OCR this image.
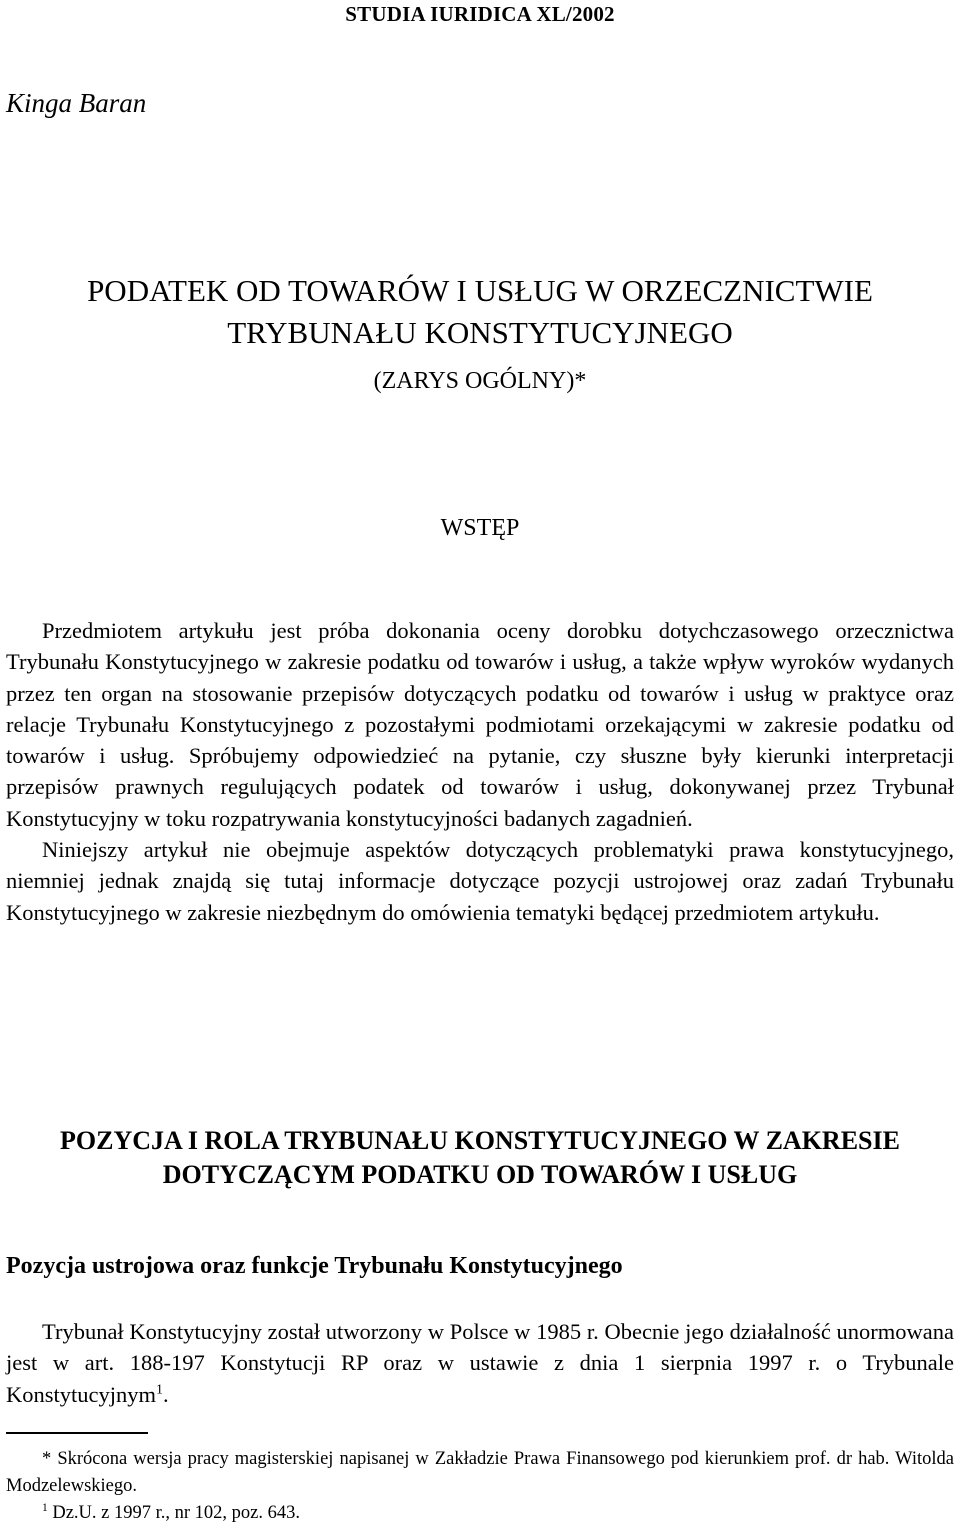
STUDIA IURIDICA XL/2002
Kinga Baran
PODATEK OD TOWARÓW I USŁUG W ORZECZNICTWIE
TRYBUNAŁU KONSTYTUCYJNEGO
(ZARYS OGÓLNY)*
WSTĘP

Przedmiotem artykułu jest próba dokonania oceny dorobku dotychczasowego orzecznictwa Trybunału Konstytucyjnego w zakresie podatku od towarów i usług, a także wpływ wyroków wydanych przez ten organ na stosowanie przepisów dotyczących podatku od towarów i usług w praktyce oraz relacje Trybunału Konstytucyjnego z pozostałymi podmiotami orzekającymi w zakresie podatku od towarów i usług. Spróbujemy odpowiedzieć na pytanie, czy słuszne były kierunki interpretacji przepisów prawnych regulujących podatek od towarów i usług, dokonywanej przez Trybunał Konstytucyjny w toku rozpatrywania konstytucyjności badanych zagadnień.

Niniejszy artykuł nie obejmuje aspektów dotyczących problematyki prawa konstytucyjnego, niemniej jednak znajdą się tutaj informacje dotyczące pozycji ustrojowej oraz zadań Trybunału Konstytucyjnego w zakresie niezbędnym do omówienia tematyki będącej przedmiotem artykułu.

POZYCJA I ROLA TRYBUNAŁU KONSTYTUCYJNEGO W ZAKRESIE
DOTYCZĄCYM PODATKU OD TOWARÓW I USŁUG
Pozycja ustrojowa oraz funkcje Trybunału Konstytucyjnego

Trybunał Konstytucyjny został utworzony w Polsce w 1985 r. Obecnie jego działalność unormowana jest w art. 188-197 Konstytucji RP oraz w ustawie z dnia 1 sierpnia 1997 r. o Trybunale Konstytucyjnym$^1$.

* Skrócona wersja pracy magisterskiej napisanej w Zakładzie Prawa Finansowego pod kierunkiem prof. dr hab. Witolda Modzelewskiego.

$^1$ Dz.U. z 1997 r., nr 102, poz. 643.
